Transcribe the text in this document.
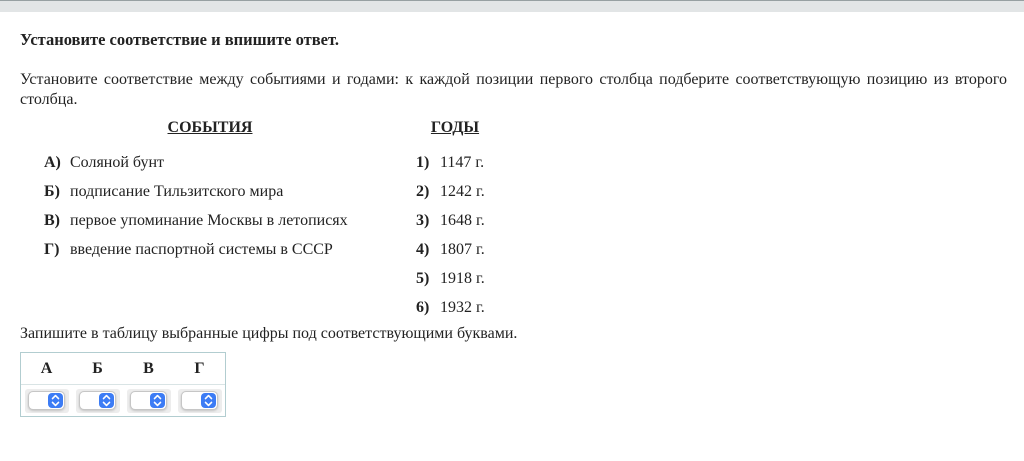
Установите соответствие и впишите ответ.

Установите соответствие между событиями и годами: к каждой позиции первого столбца подберите соответствующую позицию из второго столбца.

СОБЫТИЯ
А) Соляной бунт
Б) подписание Тильзитского мира
В) первое упоминание Москвы в летописях
Г) введение паспортной системы в СССР
ГОДЫ
1) 1147 г.
2) 1242 г.
3) 1648 г.
4) 1807 г.
5) 1918 г.
6) 1932 г.

Запишите в таблицу выбранные цифры под соответствующими буквами.

А	Б	В	Г
